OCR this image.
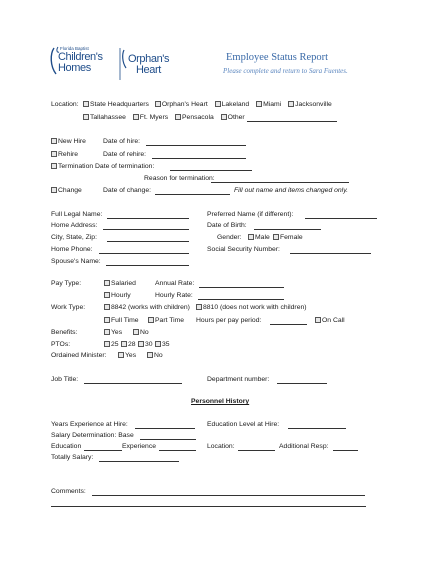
Florida Baptist
Children's
Homes
Orphan's
Heart
Employee Status Report
Please complete and return to Sara Fuentes.
Location:	State Headquarters Orphan's Heart Lakeland Miami Jacksonville
Tallahassee Ft. Myers Pensacola Other
New Hire	Date of hire:
Rehire	Date of rehire:
Termination Date of termination:
Reason for termination:
Change	Date of change:	Fill out name and items changed only.
Full Legal Name:	Preferred Name (if different):
Home Address:	Date of Birth:
City, State, Zip:	Gender:	Male	Female
Home Phone:	Social Security Number:
Spouse's Name:
Pay Type:	Salaried	Annual Rate:
Hourly	Hourly Rate:
Work Type:	8842 (works with children)	8810 (does not work with children)
Full Time	Part Time Hours per pay period:	On Call
Benefits:	Yes	No
PTOs:	25	28	30	35
Ordained Minister:	Yes	No
Job Title:	Department number:
Personnel History
Years Experience at Hire:	Education Level at Hire:
Salary Determination: Base
Education	Experience	Location:	Additional Resp:
Totally Salary:
Comments:
